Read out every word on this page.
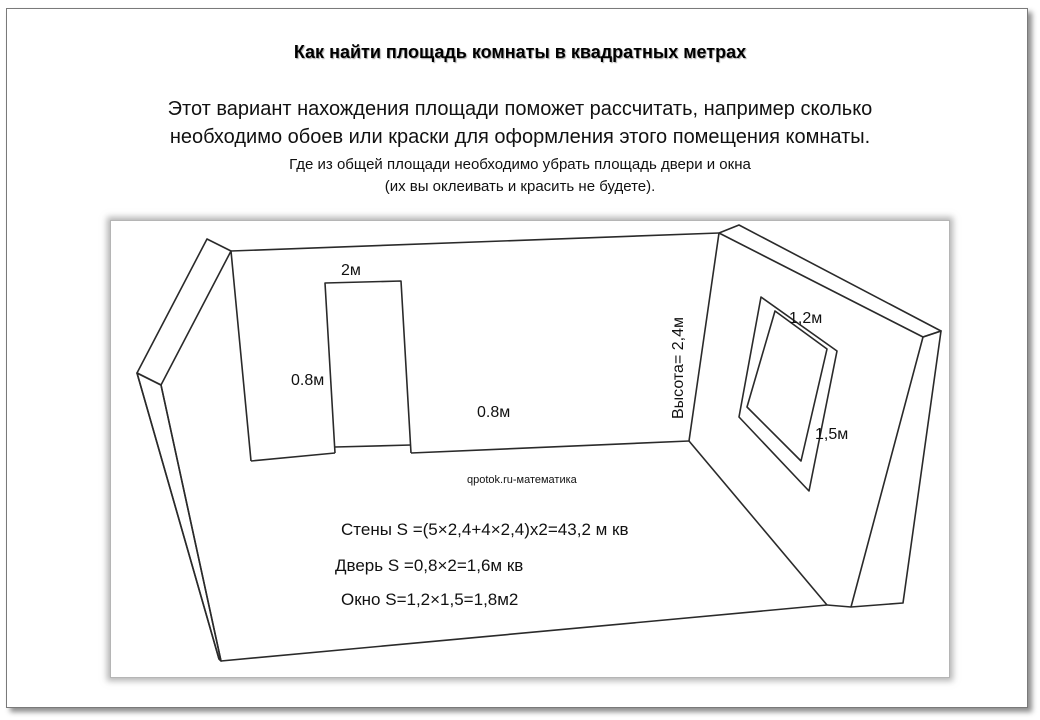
Как найти площадь комнаты в квадратных метрах
Этот вариант нахождения площади поможет рассчитать, например сколько
необходимо обоев или краски для оформления этого помещения комнаты.
Где из общей площади необходимо убрать площадь двери и окна
(их вы оклеивать и красить не будете).
2м
0.8м
0.8м	Высота= 2,4м	1,2м
1,5м
qpotok.ru-математика
Стены S =(5×2,4+4×2,4)x2=43,2 м кв
Дверь S =0,8×2=1,6м кв
Окно S=1,2×1,5=1,8м2
